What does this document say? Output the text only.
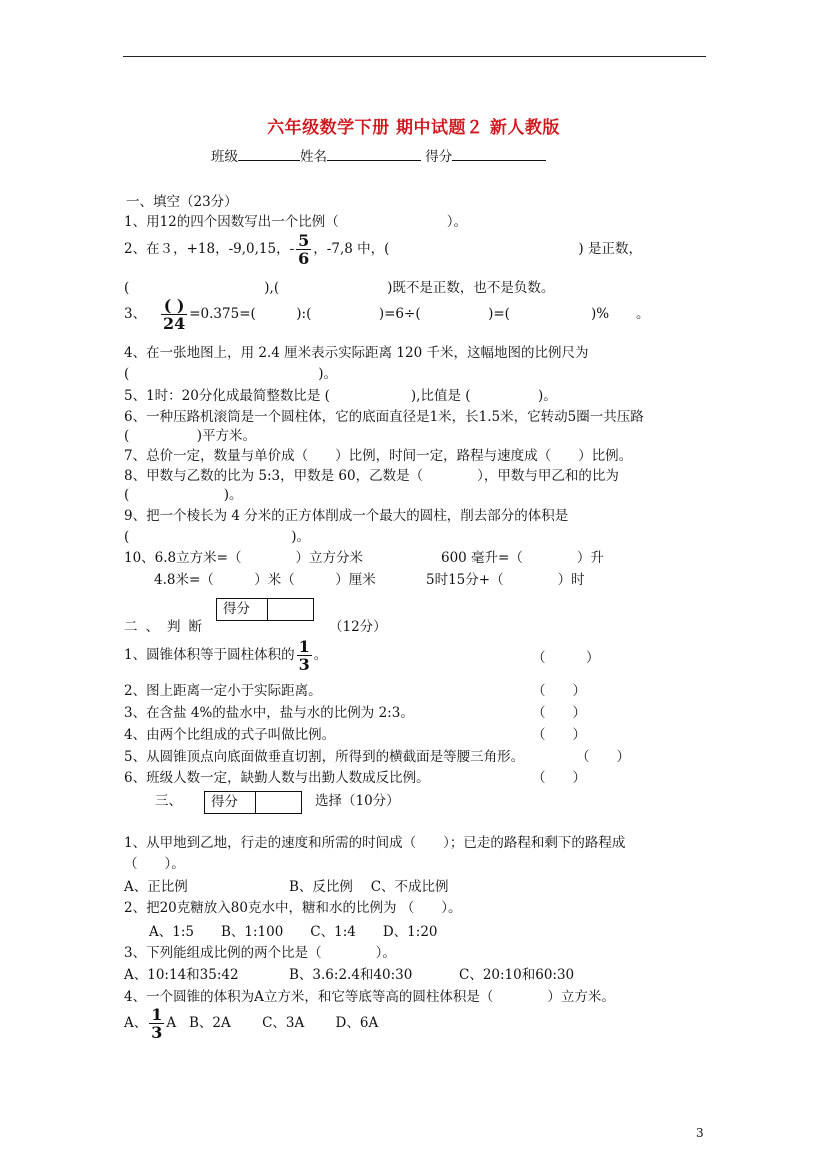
六年级数学下册 期中试题２ 新人教版
班级	姓名	得分
一、填空（23分）
1、用12的四个因数写出一个比例（　　　　　　　　）。
2、在３，+18，-9,0,15，- $\frac{5}{6}$ ，-7,8 中，(　　　　　　　　　　　　　　) 是正数，
(　　　　　　　　　　),(　　　　　　　　)既不是正数，也不是负数。
3、 $\frac{( )}{24} =0.375=$(　　　):(　　　　　)=6÷(　　　　　)=(　　　　　　)%　　。
4、在一张地图上，用 2.4 厘米表示实际距离 120 千米，这幅地图的比例尺为
(　　　　　　　　　　　　　　)。
5、1时：20分化成最简整数比是 (　　　　　　),比值是 (　　　　　)。
6、一种压路机滚筒是一个圆柱体，它的底面直径是1米，长1.5米，它转动5圈一共压路
(　　　　　)平方米。
7、总价一定，数量与单价成（　　）比例，时间一定，路程与速度成（　　）比例。
8、甲数与乙数的比为 5:3，甲数是 60，乙数是（　　　　），甲数与甲乙和的比为
(　　　　　　　)。
9、把一个棱长为 4 分米的正方体削成一个最大的圆柱，削去部分的体积是
(　　　　　　　　　　　　)。
10、6.8立方米=（　　　　）立方分米	600 毫升=（　　　　）升
4.8米=（　　　）米（　　　）厘米	5时15分+（　　　　）时
得分
二、判断	（12分）
1、圆锥体积等于圆柱体积的 $\frac{1}{3}$ 。	（　　　）
2、图上距离一定小于实际距离。	（　　）
3、在含盐 4%的盐水中，盐与水的比例为 2:3。	（　　）
4、由两个比组成的式子叫做比例。	（　　）
5、从圆锥顶点向底面做垂直切割，所得到的横截面是等腰三角形。	（　　）
6、班级人数一定，缺勤人数与出勤人数成反比例。	（　　）
三、	得分	选择（10分）
1、从甲地到乙地，行走的速度和所需的时间成（　　）；已走的路程和剩下的路程成
（　　）。
A、正比例	B、反比例　 C、不成比例
2、把20克糖放入80克水中，糖和水的比例为 （　　）。
A、1:5　　B、1:100　　C、1:4　　D、1:20
3、下列能组成比例的两个比是（　　　　）。
A、10:14和35:42	B、3.6:2.4和40:30	C、20:10和60:30
4、一个圆锥的体积为A立方米，和它等底等高的圆柱体积是（　　　　）立方米。
A、 $\frac{1}{3}$ A B、2A　　 C、3A　　 D、6A
3
